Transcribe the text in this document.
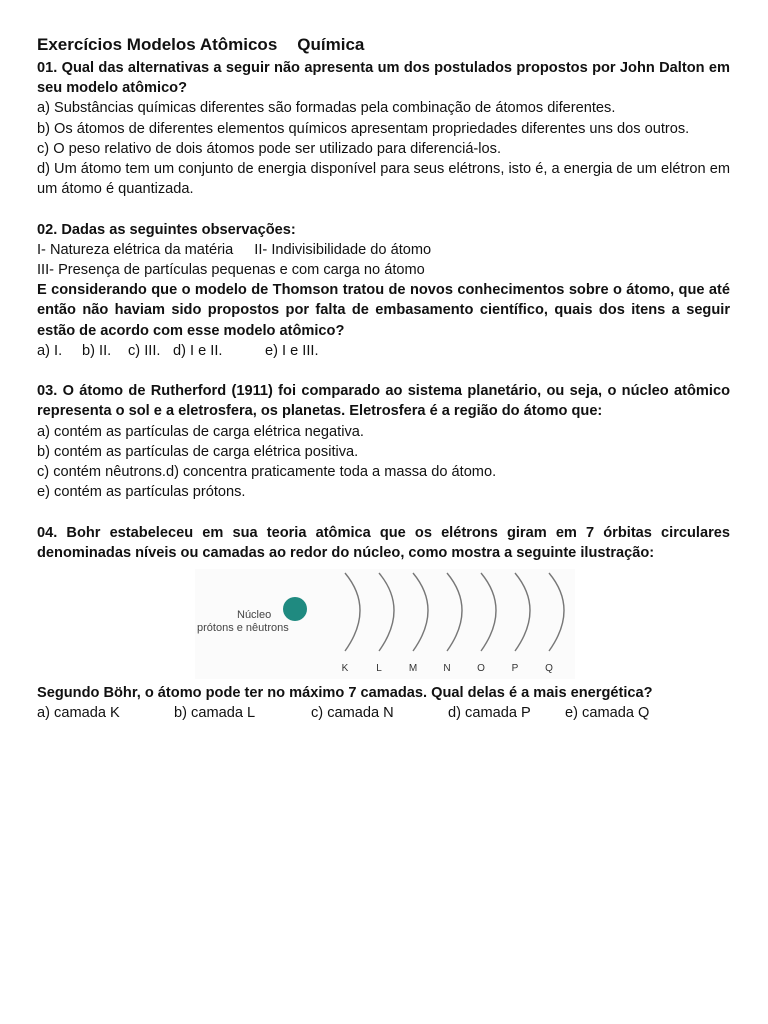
Exercícios Modelos Atômicos Química

01. Qual das alternativas a seguir não apresenta um dos postulados propostos por John Dalton em seu modelo atômico?

a) Substâncias químicas diferentes são formadas pela combinação de átomos diferentes.

b) Os átomos de diferentes elementos químicos apresentam propriedades diferentes uns dos outros.

c) O peso relativo de dois átomos pode ser utilizado para diferenciá-los.

d) Um átomo tem um conjunto de energia disponível para seus elétrons, isto é, a energia de um elétron em um átomo é quantizada.

02. Dadas as seguintes observações:

I- Natureza elétrica da matéria II- Indivisibilidade do átomo

III- Presença de partículas pequenas e com carga no átomo

E considerando que o modelo de Thomson tratou de novos conhecimentos sobre o átomo, que até então não haviam sido propostos por falta de embasamento científico, quais dos itens a seguir estão de acordo com esse modelo atômico?

a) I. b) II. c) III. d) I e II.	e) I e III.

03. O átomo de Rutherford (1911) foi comparado ao sistema planetário, ou seja, o núcleo atômico representa o sol e a eletrosfera, os planetas. Eletrosfera é a região do átomo que:

a) contém as partículas de carga elétrica negativa.

b) contém as partículas de carga elétrica positiva.

c) contém nêutrons.d) concentra praticamente toda a massa do átomo.

e) contém as partículas prótons.

04. Bohr estabeleceu em sua teoria atômica que os elétrons giram em 7 órbitas circulares denominadas níveis ou camadas ao redor do núcleo, como mostra a seguinte ilustração:

Núcleo
prótons e nêutrons
K	L	M	N	O	P	Q

Segundo Böhr, o átomo pode ter no máximo 7 camadas. Qual delas é a mais energética?

a) camada K	b) camada L	c) camada N	d) camada P e) camada Q
